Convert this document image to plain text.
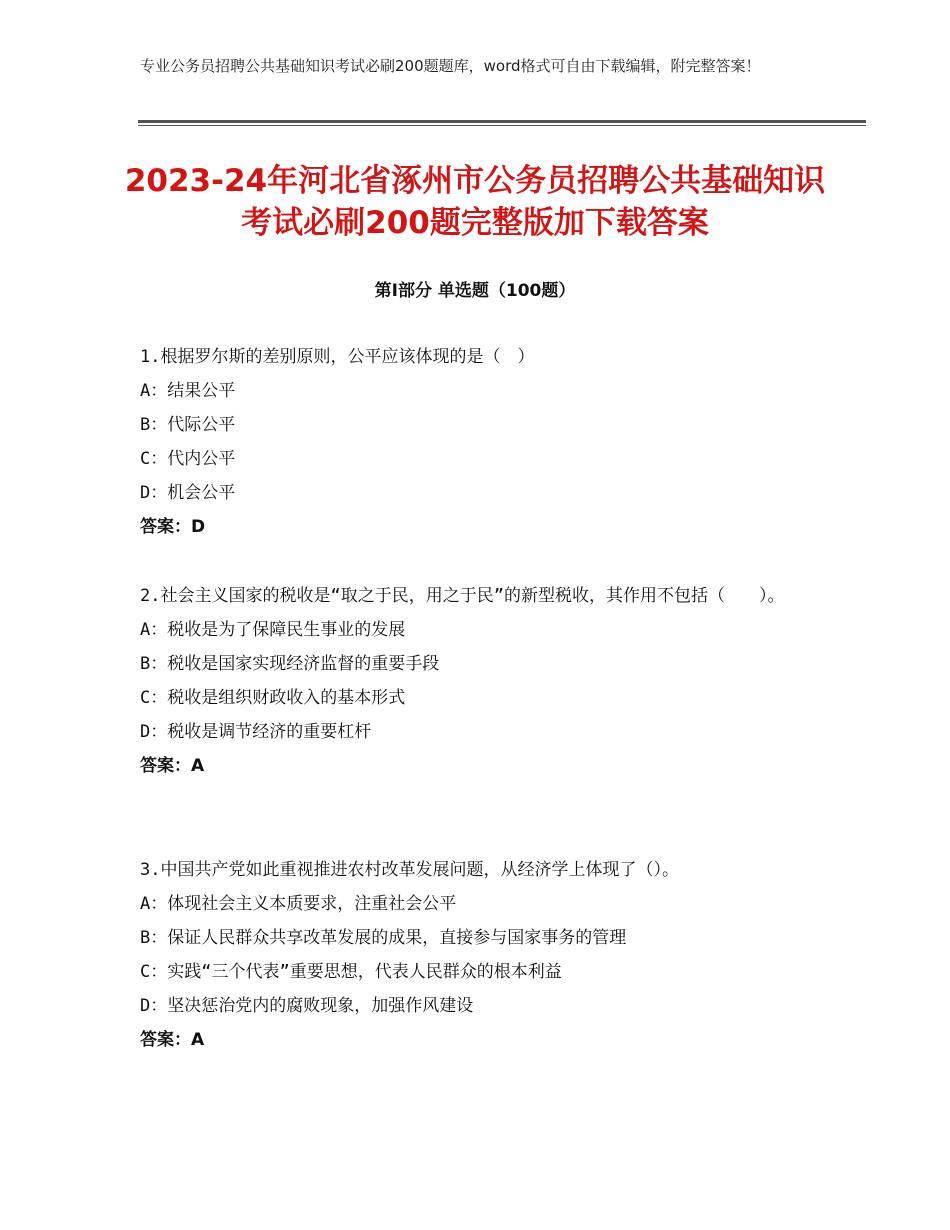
专业公务员招聘公共基础知识考试必刷200题题库，word格式可自由下载编辑，附完整答案！
2023-24年河北省涿州市公务员招聘公共基础知识考试必刷200题完整版加下载答案
第Ⅰ部分 单选题（100题）

1.根据罗尔斯的差别原则，公平应该体现的是（　）

A：结果公平

B：代际公平

C：代内公平

D：机会公平

答案：D

2.社会主义国家的税收是“取之于民，用之于民”的新型税收，其作用不包括（　　）。

A：税收是为了保障民生事业的发展

B：税收是国家实现经济监督的重要手段

C：税收是组织财政收入的基本形式

D：税收是调节经济的重要杠杆

答案：A

3.中国共产党如此重视推进农村改革发展问题，从经济学上体现了（）。

A：体现社会主义本质要求，注重社会公平

B：保证人民群众共享改革发展的成果，直接参与国家事务的管理

C：实践“三个代表”重要思想，代表人民群众的根本利益

D：坚决惩治党内的腐败现象，加强作风建设

答案：A
